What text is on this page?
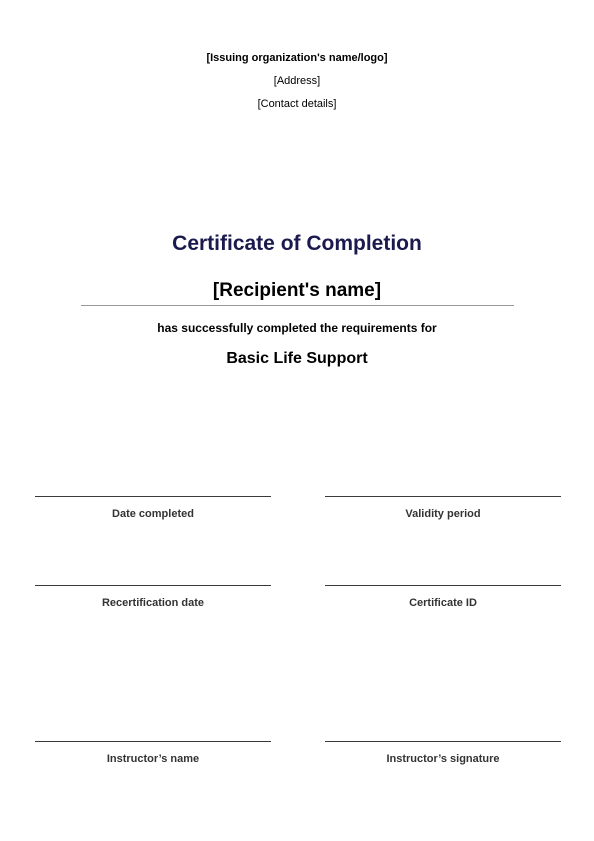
[Issuing organization's name/logo]
[Address]
[Contact details]
Certificate of Completion
[Recipient's name]
has successfully completed the requirements for
Basic Life Support
Date completed	Validity period
Recertification date	Certificate ID
Instructor’s name	Instructor’s signature
